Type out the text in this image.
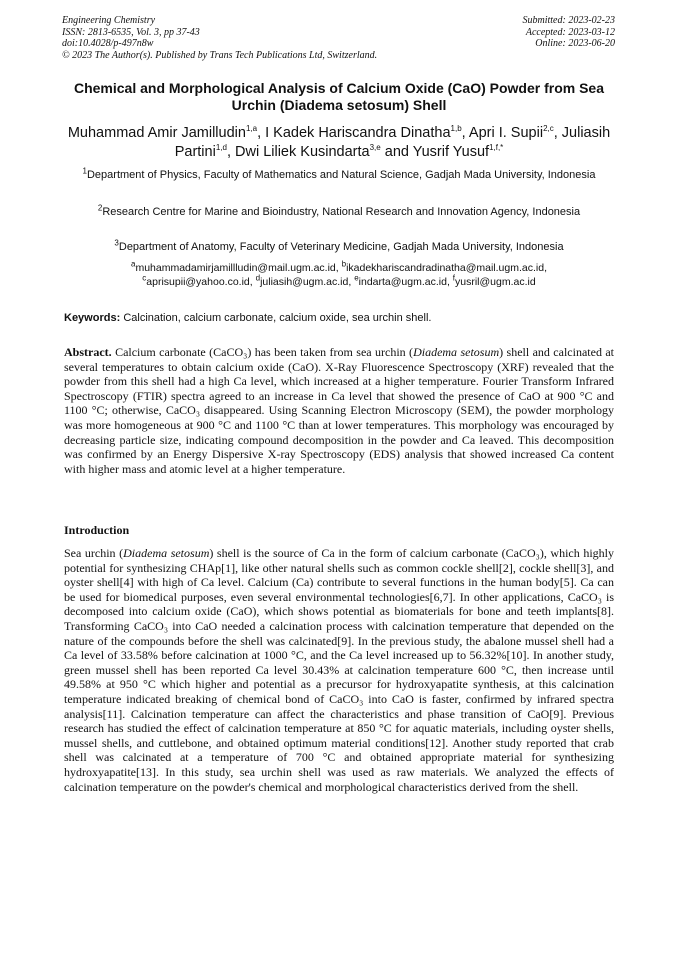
Engineering Chemistry
ISSN: 2813-6535, Vol. 3, pp 37-43
doi:10.4028/p-497n8w
© 2023 The Author(s). Published by Trans Tech Publications Ltd, Switzerland.
Submitted: 2023-02-23
Accepted: 2023-03-12
Online: 2023-06-20
Chemical and Morphological Analysis of Calcium Oxide (CaO) Powder from Sea Urchin (Diadema setosum) Shell
Muhammad Amir Jamilludin$^{1,a}$, I Kadek Hariscandra Dinatha$^{1,b}$, Apri I. Supii$^{2,c}$, Juliasih Partini$^{1,d}$, Dwi Liliek Kusindarta$^{3,e}$ and Yusrif Yusuf$^{1,f,*}$
$^1$Department of Physics, Faculty of Mathematics and Natural Science, Gadjah Mada University, Indonesia
$^2$Research Centre for Marine and Bioindustry, National Research and Innovation Agency, Indonesia
$^3$Department of Anatomy, Faculty of Veterinary Medicine, Gadjah Mada University, Indonesia
$^a$muhammadamirjamillludin@mail.ugm.ac.id, $^b$ikadekhariscandradinatha@mail.ugm.ac.id,
$^c$aprisupii@yahoo.co.id, $^d$juliasih@ugm.ac.id, $^e$indarta@ugm.ac.id, $^f$yusril@ugm.ac.id
Keywords: Calcination, calcium carbonate, calcium oxide, sea urchin shell.
Abstract. Calcium carbonate (CaCO₃) has been taken from sea urchin (Diadema setosum) shell and calcinated at several temperatures to obtain calcium oxide (CaO). X-Ray Fluorescence Spectroscopy (XRF) revealed that the powder from this shell had a high Ca level, which increased at a higher temperature. Fourier Transform Infrared Spectroscopy (FTIR) spectra agreed to an increase in Ca level that showed the presence of CaO at 900 °C and 1100 °C; otherwise, CaCO₃ disappeared. Using Scanning Electron Microscopy (SEM), the powder morphology was more homogeneous at 900 °C and 1100 °C than at lower temperatures. This morphology was encouraged by decreasing particle size, indicating compound decomposition in the powder and Ca leaved. This decomposition was confirmed by an Energy Dispersive X-ray Spectroscopy (EDS) analysis that showed increased Ca content with higher mass and atomic level at a higher temperature.
Introduction
Sea urchin (Diadema setosum) shell is the source of Ca in the form of calcium carbonate (CaCO₃), which highly potential for synthesizing CHAp[1], like other natural shells such as common cockle shell[2], cockle shell[3], and oyster shell[4] with high of Ca level. Calcium (Ca) contribute to several functions in the human body[5]. Ca can be used for biomedical purposes, even several environmental technologies[6,7]. In other applications, CaCO₃ is decomposed into calcium oxide (CaO), which shows potential as biomaterials for bone and teeth implants[8]. Transforming CaCO₃ into CaO needed a calcination process with calcination temperature that depended on the nature of the compounds before the shell was calcinated[9]. In the previous study, the abalone mussel shell had a Ca level of 33.58% before calcination at 1000 °C, and the Ca level increased up to 56.32%[10]. In another study, green mussel shell has been reported Ca level 30.43% at calcination temperature 600 °C, then increase until 49.58% at 950 °C which higher and potential as a precursor for hydroxyapatite synthesis, at this calcination temperature indicated breaking of chemical bond of CaCO₃ into CaO is faster, confirmed by infrared spectra analysis[11]. Calcination temperature can affect the characteristics and phase transition of CaO[9]. Previous research has studied the effect of calcination temperature at 850 °C for aquatic materials, including oyster shells, mussel shells, and cuttlebone, and obtained optimum material conditions[12]. Another study reported that crab shell was calcinated at a temperature of 700 °C and obtained appropriate material for synthesizing hydroxyapatite[13]. In this study, sea urchin shell was used as raw materials. We analyzed the effects of calcination temperature on the powder's chemical and morphological characteristics derived from the shell.
